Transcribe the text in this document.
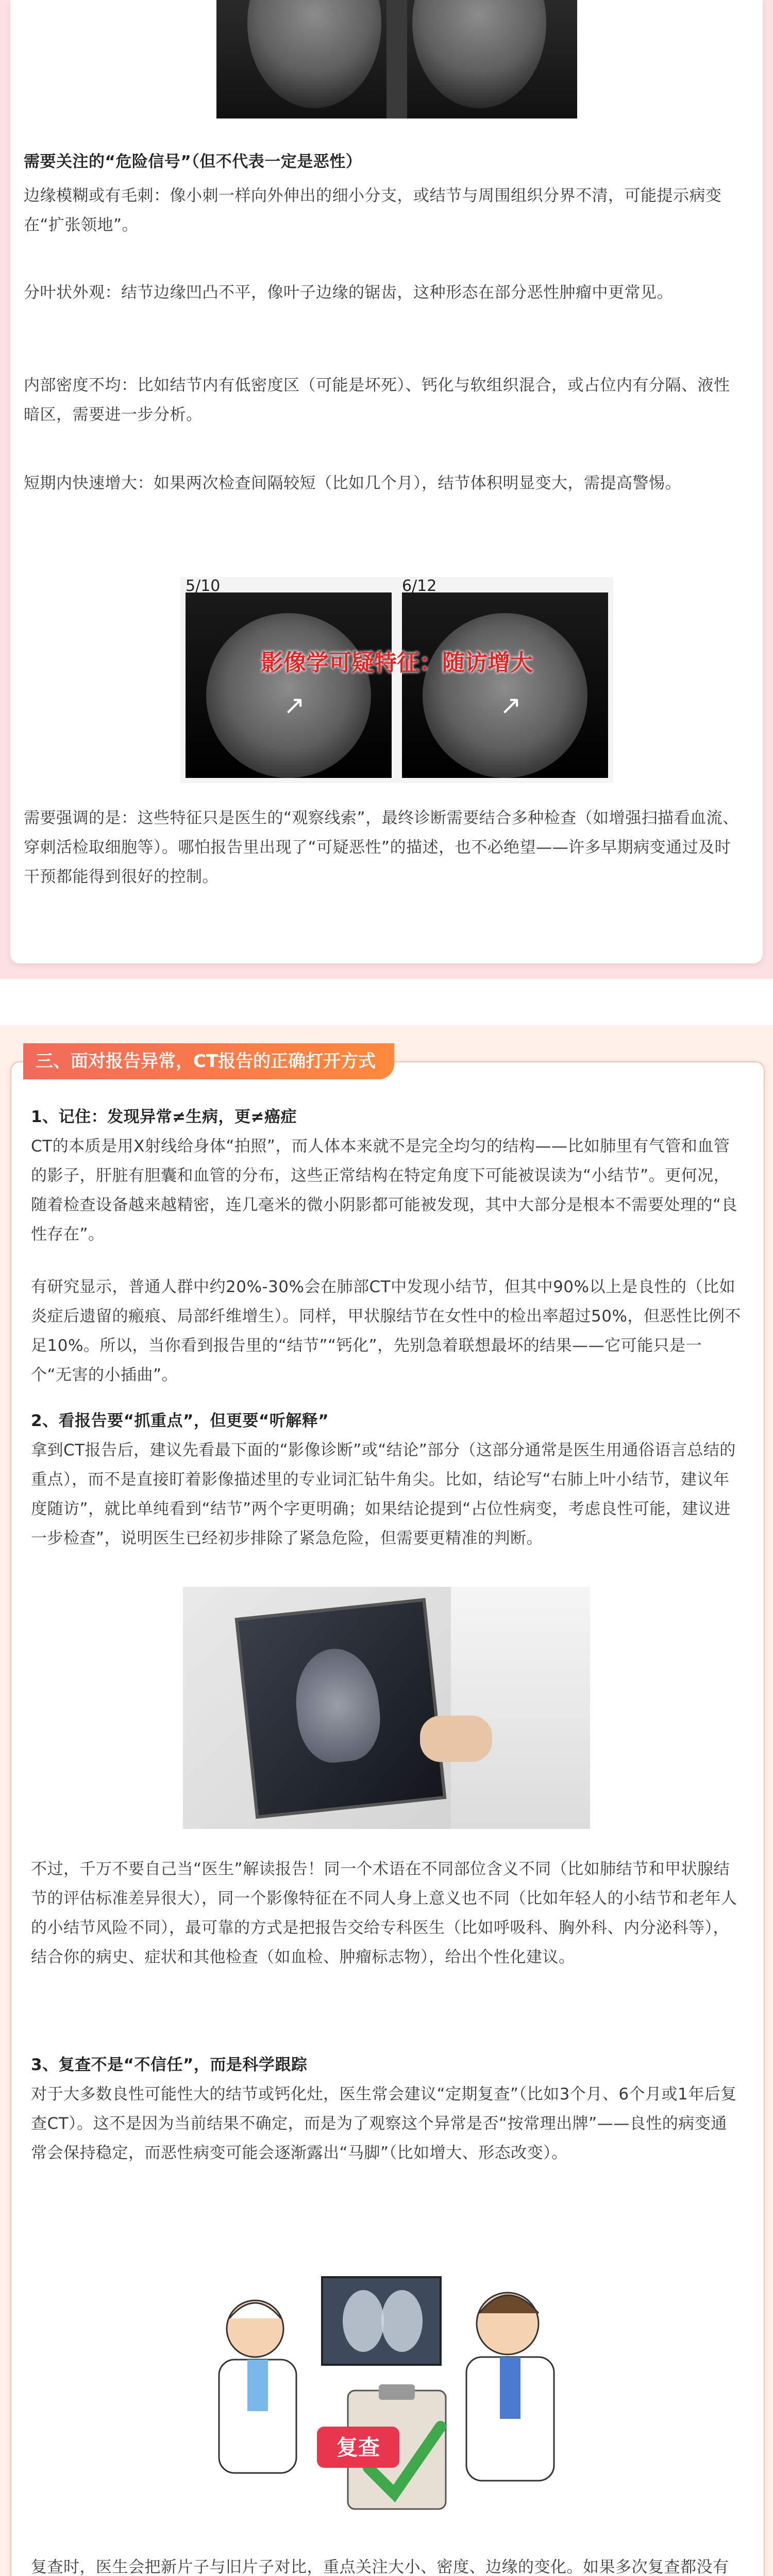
需要关注的“危险信号”（但不代表一定是恶性）

边缘模糊或有毛刺：像小刺一样向外伸出的细小分支，或结节与周围组织分界不清，可能提示病变在“扩张领地”。

分叶状外观：结节边缘凹凸不平，像叶子边缘的锯齿，这种形态在部分恶性肿瘤中更常见。

内部密度不均：比如结节内有低密度区（可能是坏死）、钙化与软组织混合，或占位内有分隔、液性暗区，需要进一步分析。

短期内快速增大：如果两次检查间隔较短（比如几个月），结节体积明显变大，需提高警惕。

↗	↗
5/10	6/12
影像学可疑特征：随访增大

需要强调的是：这些特征只是医生的“观察线索”，最终诊断需要结合多种检查（如增强扫描看血流、穿刺活检取细胞等）。哪怕报告里出现了“可疑恶性”的描述，也不必绝望——许多早期病变通过及时干预都能得到很好的控制。

三、面对报告异常，CT报告的正确打开方式

1、记住：发现异常≠生病，更≠癌症

CT的本质是用X射线给身体“拍照”，而人体本来就不是完全均匀的结构——比如肺里有气管和血管的影子，肝脏有胆囊和血管的分布，这些正常结构在特定角度下可能被误读为“小结节”。更何况，随着检查设备越来越精密，连几毫米的微小阴影都可能被发现，其中大部分是根本不需要处理的“良性存在”。

有研究显示，普通人群中约20%-30%会在肺部CT中发现小结节，但其中90%以上是良性的（比如炎症后遗留的瘢痕、局部纤维增生）。同样，甲状腺结节在女性中的检出率超过50%，但恶性比例不足10%。所以，当你看到报告里的“结节”“钙化”，先别急着联想最坏的结果——它可能只是一个“无害的小插曲”。

2、看报告要“抓重点”，但更要“听解释”

拿到CT报告后，建议先看最下面的“影像诊断”或“结论”部分（这部分通常是医生用通俗语言总结的重点），而不是直接盯着影像描述里的专业词汇钻牛角尖。比如，结论写“右肺上叶小结节，建议年度随访”，就比单纯看到“结节”两个字更明确；如果结论提到“占位性病变，考虑良性可能，建议进一步检查”，说明医生已经初步排除了紧急危险，但需要更精准的判断。

不过，千万不要自己当“医生”解读报告！同一个术语在不同部位含义不同（比如肺结节和甲状腺结节的评估标准差异很大），同一个影像特征在不同人身上意义也不同（比如年轻人的小结节和老年人的小结节风险不同），最可靠的方式是把报告交给专科医生（比如呼吸科、胸外科、内分泌科等），结合你的病史、症状和其他检查（如血检、肿瘤标志物），给出个性化建议。

3、复查不是“不信任”，而是科学跟踪

对于大多数良性可能性大的结节或钙化灶，医生常会建议“定期复查”（比如3个月、6个月或1年后复查CT）。这不是因为当前结果不确定，而是为了观察这个异常是否“按常理出牌”——良性的病变通常会保持稳定，而恶性病变可能会逐渐露出“马脚”（比如增大、形态改变）。

复查

复查时，医生会把新片子与旧片子对比，重点关注大小、密度、边缘的变化。如果多次复查都没有
